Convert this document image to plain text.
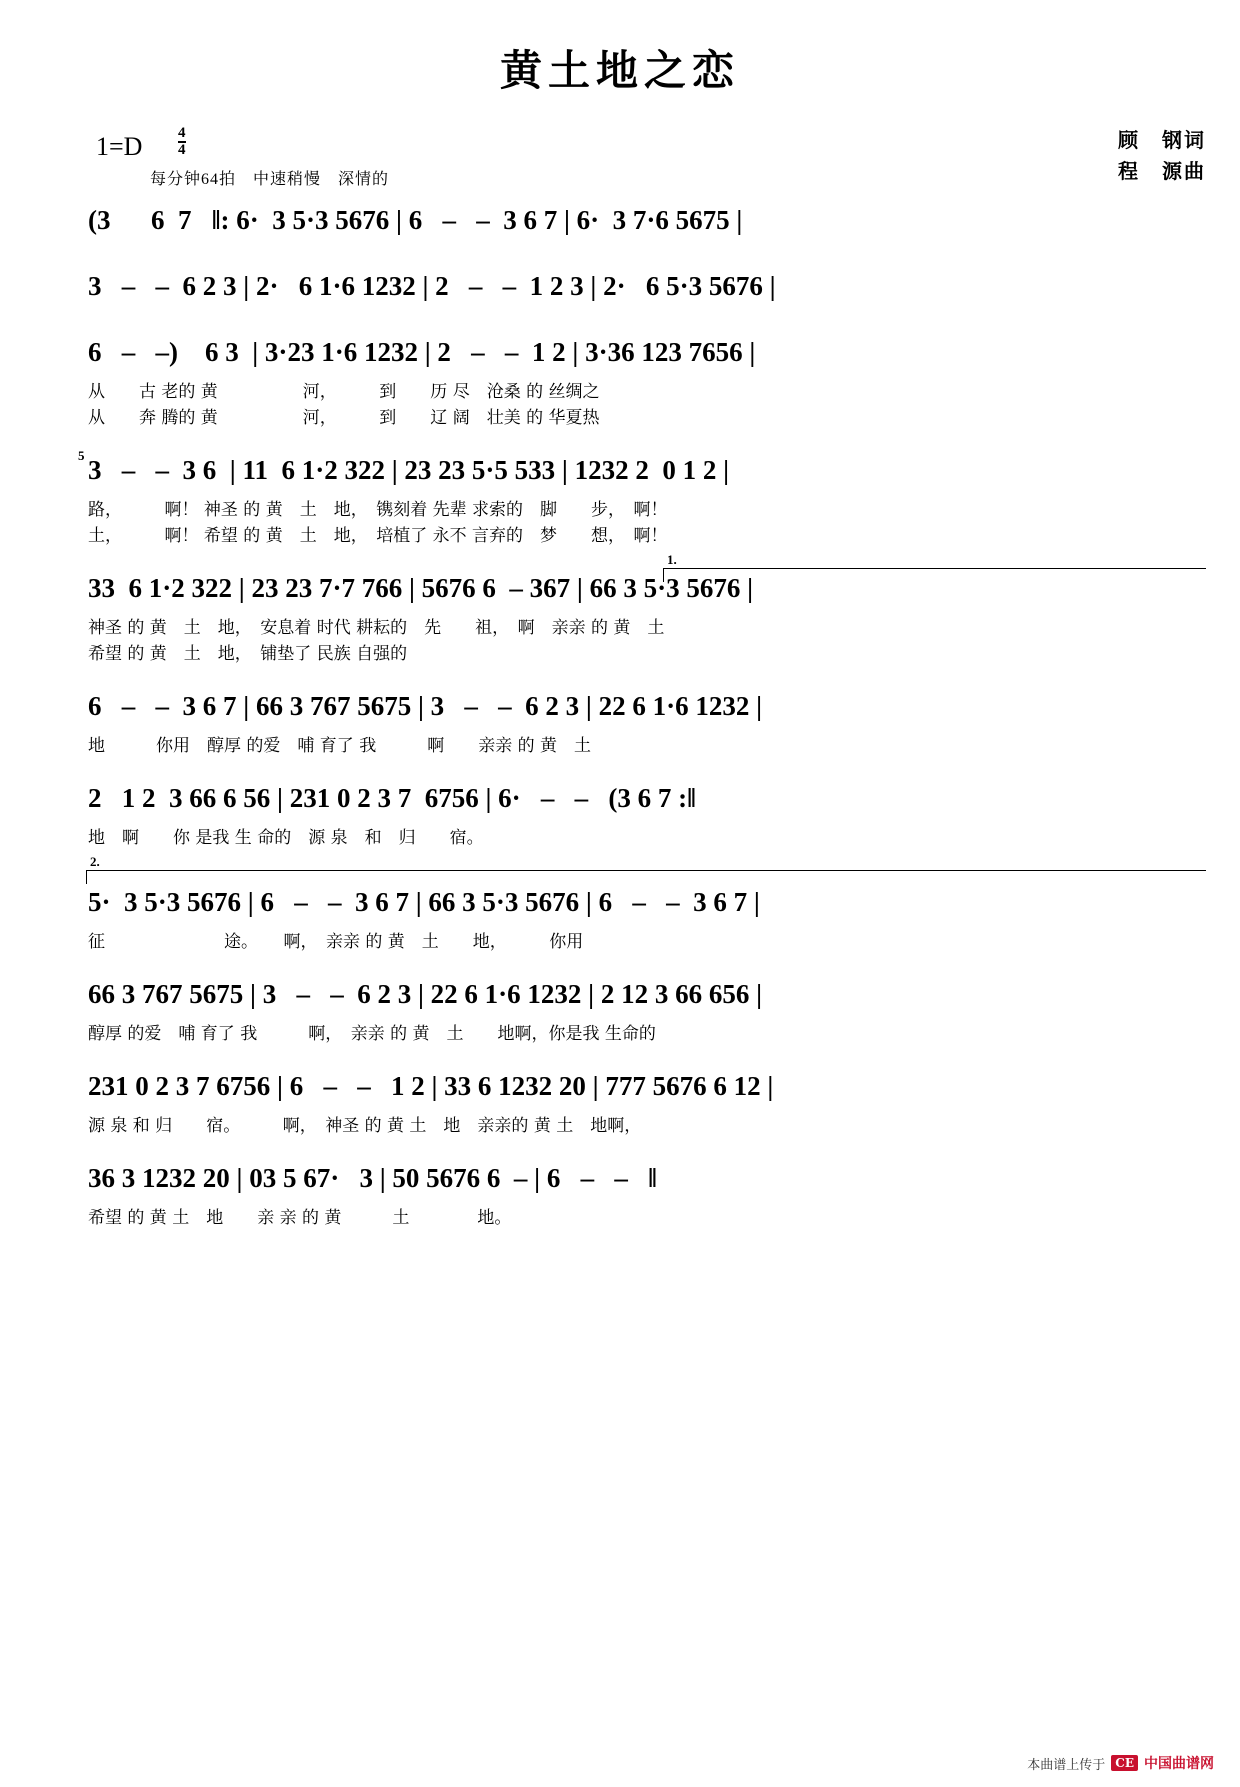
黄土地之恋
$1=D \frac{4}{4}$
每分钟64拍　中速稍慢　深情的
顾　钢词
程　源曲
(3      6  7   ‖: 6·  3 5·3 5676 | 6   –   –  3 6 7 | 6·  3 7·6 5675 |
3   –   –  6 2 3 | 2·   6 1·6 1232 | 2   –   –  1 2 3 | 2·   6 5·3 5676 |
6   –   –)    6 3  | 3·23 1·6 1232 | 2   –   –  1 2 | 3·36 123 7656 |
从　　古 老的 黄　　　　　河，　　　到　　历 尽　沧桑 的 丝绸之
从　　奔 腾的 黄　　　　　河，　　　到　　辽 阔　壮美 的 华夏热
5 3   –   –  3 6  | 11  6 1·2 322 | 23 23 5·5 533 | 1232 2  0 1 2 |
路，　　　啊！ 神圣 的 黄　土　地，　镌刻着 先辈 求索的　脚　　步，　啊！
土，　　　啊！ 希望 的 黄　土　地，　培植了 永不 言弃的　梦　　想，　啊！
1.
33  6 1·2 322 | 23 23 7·7 766 | 5676 6  – 367 | 66 3 5·3 5676 |
神圣 的 黄　土　地，　安息着 时代 耕耘的　先　　祖，　啊　亲亲 的 黄　土
希望 的 黄　土　地，　铺垫了 民族 自强的
6   –   –  3 6 7 | 66 3 767 5675 | 3   –   –  6 2 3 | 22 6 1·6 1232 |
地　　　你用　醇厚 的爱　哺 育了 我　　　啊　　亲亲 的 黄　土
2   1 2  3 66 6 56 | 231 0 2 3 7  6756 | 6·   –   –   (3 6 7 :‖
地　啊　　你 是我 生 命的　源 泉　和　归　　宿。
2.
5·  3 5·3 5676 | 6   –   –  3 6 7 | 66 3 5·3 5676 | 6   –   –  3 6 7 |
征　　　　　　　途。　　啊，　亲亲 的 黄　土　　地，　　　你用
66 3 767 5675 | 3   –   –  6 2 3 | 22 6 1·6 1232 | 2 12 3 66 656 |
醇厚 的爱　哺 育了 我　　　啊，　亲亲 的 黄　土　　地啊，你是我 生命的
231 0 2 3 7 6756 | 6   –   –   1 2 | 33 6 1232 20 | 777 5676 6 12 |
源 泉 和 归　　宿。　　　啊，　神圣 的 黄 土　地　亲亲的 黄 土　地啊，
36 3 1232 20 | 03 5 67·   3 | 50 5676 6  – | 6   –   –   ‖
希望 的 黄 土　地　　亲 亲 的 黄　　　土　　　　地。
本曲谱上传于 CE 中国曲谱网
